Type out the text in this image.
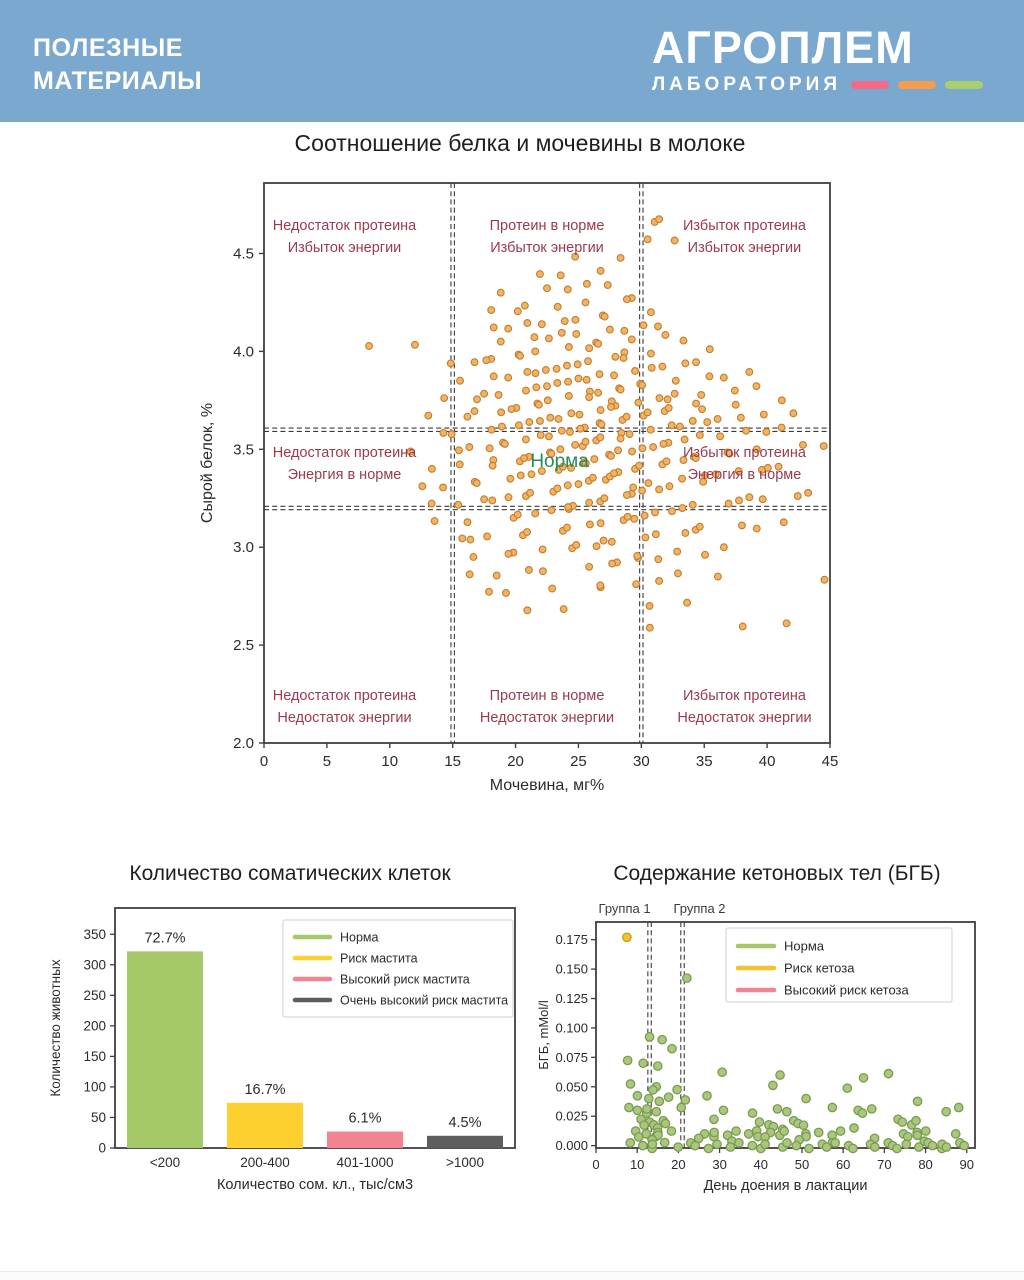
ПОЛЕЗНЫЕ
МАТЕРИАЛЫ
АГРОПЛЕМ
ЛАБОРАТОРИЯ
Соотношение белка и мочевины в молоке
0	5	10	15	20	25	30	35	40	45
2.0
2.5
3.0
3.5
4.0
4.5
Мочевина, мг%
Сырой белок, %
Недостаток протеина
Избыток энергии
Протеин в норме
Избыток энергии
Избыток протеина
Избыток энергии
Недостаток протеина
Энергия в норме
Избыток протеина
Энергия в норме
Недостаток протеина
Недостаток энергии
Протеин в норме
Недостаток энергии
Избыток протеина
Недостаток энергии
Норма
Количество соматических клеток
0
50
100
150
200
250
300
350
<200	200-400	401-1000	>1000
72.7%
16.7%
6.1%	4.5%
Количество сом. кл., тыс/см3
Количество животных
Норма
Риск мастита
Высокий риск мастита
Очень высокий риск мастита
Содержание кетоновых тел (БГБ)
0 10 20 30 40 50 60 70 80 90
0.000
0.025
0.050
0.075
0.100
0.125
0.150
0.175
День доения в лактации
БГБ, mMol/l
Группа 1 Группа 2
Норма
Риск кетоза
Высокий риск кетоза
